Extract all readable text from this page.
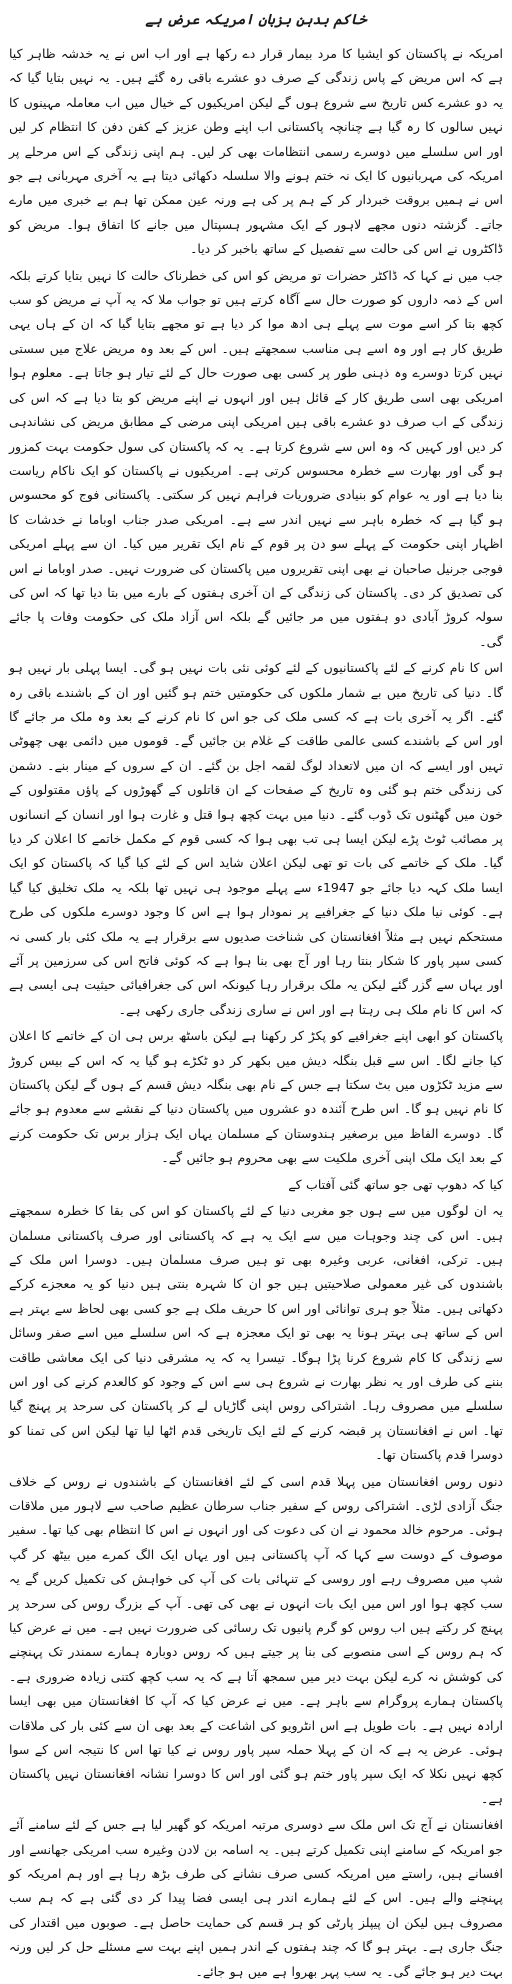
خاکم بدہن بزبان امریکہ عرض ہے

امریکہ نے پاکستان کو ایشیا کا مرد بیمار قرار دے رکھا ہے اور اب اس نے یہ خدشہ ظاہر کیا ہے کہ اس مریض کے پاس زندگی کے صرف دو عشرے باقی رہ گئے ہیں۔ یہ نہیں بتایا گیا کہ یہ دو عشرے کس تاریخ سے شروع ہوں گے لیکن امریکیوں کے خیال میں اب معاملہ مہینوں کا نہیں سالوں کا رہ گیا ہے چنانچہ پاکستانی اب اپنے وطن عزیز کے کفن دفن کا انتظام کر لیں اور اس سلسلے میں دوسرے رسمی انتظامات بھی کر لیں۔ ہم اپنی زندگی کے اس مرحلے پر امریکہ کی مہربانیوں کا ایک نہ ختم ہونے والا سلسلہ دکھائی دیتا ہے یہ آخری مہربانی ہے جو اس نے ہمیں بروقت خبردار کر کے ہم پر کی ہے ورنہ عین ممکن تھا ہم بے خبری میں مارے جاتے۔ گزشتہ دنوں مجھے لاہور کے ایک مشہور ہسپتال میں جانے کا اتفاق ہوا۔ مریض کو ڈاکٹروں نے اس کی حالت سے تفصیل کے ساتھ باخبر کر دیا۔

جب میں نے کہا کہ ڈاکٹر حضرات تو مریض کو اس کی خطرناک حالت کا نہیں بتایا کرتے بلکہ اس کے ذمہ داروں کو صورت حال سے آگاہ کرتے ہیں تو جواب ملا کہ یہ آپ نے مریض کو سب کچھ بتا کر اسے موت سے پہلے ہی ادھ موا کر دیا ہے تو مجھے بتایا گیا کہ ان کے ہاں یہی طریق کار ہے اور وہ اسے ہی مناسب سمجھتے ہیں۔ اس کے بعد وہ مریض علاج میں سستی نہیں کرتا دوسرے وہ ذہنی طور پر کسی بھی صورت حال کے لئے تیار ہو جاتا ہے۔ معلوم ہوا امریکی بھی اسی طریق کار کے قائل ہیں اور انہوں نے اپنے مریض کو بتا دیا ہے کہ اس کی زندگی کے اب صرف دو عشرے باقی ہیں امریکی اپنی مرضی کے مطابق مریض کی نشاندہی کر دیں اور کہیں کہ وہ اس سے شروع کرتا ہے۔ یہ کہ پاکستان کی سول حکومت بہت کمزور ہو گی اور بھارت سے خطرہ محسوس کرتی ہے۔ امریکیوں نے پاکستان کو ایک ناکام ریاست بنا دیا ہے اور یہ عوام کو بنیادی ضروریات فراہم نہیں کر سکتی۔ پاکستانی فوج کو محسوس ہو گیا ہے کہ خطرہ باہر سے نہیں اندر سے ہے۔ امریکی صدر جناب اوباما نے خدشات کا اظہار اپنی حکومت کے پہلے سو دن پر قوم کے نام ایک تقریر میں کیا۔ ان سے پہلے امریکی فوجی جرنیل صاحبان نے بھی اپنی تقریروں میں پاکستان کی ضرورت نہیں۔ صدر اوباما نے اس کی تصدیق کر دی۔ پاکستان کی زندگی کے ان آخری ہفتوں کے بارے میں بتا دیا تھا کہ اس کی سولہ کروڑ آبادی دو ہفتوں میں مر جائیں گے بلکہ اس آزاد ملک کی حکومت وفات پا جائے گی۔

اس کا نام کرنے کے لئے پاکستانیوں کے لئے کوئی نئی بات نہیں ہو گی۔ ایسا پہلی بار نہیں ہو گا۔ دنیا کی تاریخ میں بے شمار ملکوں کی حکومتیں ختم ہو گئیں اور ان کے باشندے باقی رہ گئے۔ اگر یہ آخری بات ہے کہ کسی ملک کی جو اس کا نام کرنے کے بعد وہ ملک مر جائے گا اور اس کے باشندے کسی عالمی طاقت کے غلام بن جائیں گے۔ قوموں میں دائمی بھی چھوٹی تہیں اور ایسے کہ ان میں لاتعداد لوگ لقمہ اجل بن گئے۔ ان کے سروں کے مینار بنے۔ دشمن کی زندگی ختم ہو گئی وہ تاریخ کے صفحات کے ان قاتلوں کے گھوڑوں کے پاؤں مقتولوں کے خون میں گھٹنوں تک ڈوب گئے۔ دنیا میں بہت کچھ ہوا قتل و غارت ہوا اور انسان کے انسانوں پر مصائب ٹوٹ پڑے لیکن ایسا ہی تب بھی ہوا کہ کسی قوم کے مکمل خاتمے کا اعلان کر دیا گیا۔ ملک کے خاتمے کی بات تو تھی لیکن اعلان شاید اس کے لئے کیا گیا کہ پاکستان کو ایک ایسا ملک کہہ دیا جائے جو 1947ء سے پہلے موجود ہی نہیں تھا بلکہ یہ ملک تخلیق کیا گیا ہے۔ کوئی نیا ملک دنیا کے جغرافیے پر نمودار ہوا ہے اس کا وجود دوسرے ملکوں کی طرح مستحکم نہیں ہے مثلاً افغانستان کی شناخت صدیوں سے برقرار ہے یہ ملک کئی بار کسی نہ کسی سپر پاور کا شکار بنتا رہا اور آج بھی بنا ہوا ہے کہ کوئی فاتح اس کی سرزمین پر آئے اور یہاں سے گزر گئے لیکن یہ ملک برقرار رہا کیونکہ اس کی جغرافیائی حیثیت ہی ایسی ہے کہ اس کا نام ملک ہی رہتا ہے اور اس نے ساری زندگی جاری رکھی ہے۔

پاکستان کو ابھی اپنے جغرافیے کو پکڑ کر رکھنا ہے لیکن باسٹھ برس ہی ان کے خاتمے کا اعلان کیا جانے لگا۔ اس سے قبل بنگلہ دیش میں بکھر کر دو ٹکڑے ہو گیا یہ کہ اس کے بیس کروڑ سے مزید ٹکڑوں میں بٹ سکتا ہے جس کے نام بھی بنگلہ دیش قسم کے ہوں گے لیکن پاکستان کا نام نہیں ہو گا۔ اس طرح آئندہ دو عشروں میں پاکستان دنیا کے نقشے سے معدوم ہو جائے گا۔ دوسرے الفاظ میں برصغیر ہندوستان کے مسلمان یہاں ایک ہزار برس تک حکومت کرنے کے بعد ایک ملک اپنی آخری ملکیت سے بھی محروم ہو جائیں گے۔

کیا کہ دھوپ تھی جو ساتھ گئی آفتاب کے

یہ ان لوگوں میں سے ہوں جو مغربی دنیا کے لئے پاکستان کو اس کی بقا کا خطرہ سمجھتے ہیں۔ اس کی چند وجوہات میں سے ایک یہ ہے کہ پاکستانی اور صرف پاکستانی مسلمان ہیں۔ ترکی، افغانی، عربی وغیرہ بھی تو ہیں صرف مسلمان ہیں۔ دوسرا اس ملک کے باشندوں کی غیر معمولی صلاحیتیں ہیں جو ان کا شہرہ بنتی ہیں دنیا کو یہ معجزے کرکے دکھاتی ہیں۔ مثلاً جو ہری توانائی اور اس کا حریف ملک ہے جو کسی بھی لحاظ سے بہتر ہے اس کے ساتھ ہی بہتر ہونا یہ بھی تو ایک معجزہ ہے کہ اس سلسلے میں اسے صفر وسائل سے زندگی کا کام شروع کرنا پڑا ہوگا۔ تیسرا یہ کہ یہ مشرقی دنیا کی ایک معاشی طاقت بننے کی طرف اور یہ نظر بھارت نے شروع ہی سے اس کے وجود کو کالعدم کرنے کی اور اس سلسلے میں مصروف رہا۔ اشتراکی روس اپنی گاڑیاں لے کر پاکستان کی سرحد پر پہنچ گیا تھا۔ اس نے افغانستان پر قبضہ کرنے کے لئے ایک تاریخی قدم اٹھا لیا تھا لیکن اس کی تمنا کو دوسرا قدم پاکستان تھا۔

دنوں روس افغانستان میں پہلا قدم اسی کے لئے افغانستان کے باشندوں نے روس کے خلاف جنگ آزادی لڑی۔ اشتراکی روس کے سفیر جناب سرطان عظیم صاحب سے لاہور میں ملاقات ہوئی۔ مرحوم خالد محمود نے ان کی دعوت کی اور انہوں نے اس کا انتظام بھی کیا تھا۔ سفیر موصوف کے دوست سے کہا کہ آپ پاکستانی ہیں اور یہاں ایک الگ کمرے میں بیٹھ کر گپ شپ میں مصروف رہے اور روسی کے تنہائی بات کی آپ کی خواہش کی تکمیل کریں گے یہ سب کچھ ہوا اور اس میں ایک بات انہوں نے بھی کی تھی۔ آپ کے بزرگ روس کی سرحد پر پہنچ کر رکتے ہیں اب روس کو گرم پانیوں تک رسائی کی ضرورت نہیں ہے۔ میں نے عرض کیا کہ ہم روس کے اسی منصوبے کی بنا پر جیتے ہیں کہ روس دوبارہ ہمارے سمندر تک پہنچنے کی کوشش نہ کرے لیکن بہت دیر میں سمجھ آتا ہے کہ یہ سب کچھ کتنی زیادہ ضروری ہے۔ پاکستان ہمارے پروگرام سے باہر ہے۔ میں نے عرض کیا کہ آپ کا افغانستان میں بھی ایسا ارادہ نہیں ہے۔ بات طویل ہے اس انٹرویو کی اشاعت کے بعد بھی ان سے کئی بار کی ملاقات ہوئی۔ عرض یہ ہے کہ ان کے پہلا حملہ سپر پاور روس نے کیا تھا اس کا نتیجہ اس کے سوا کچھ نہیں نکلا کہ ایک سپر پاور ختم ہو گئی اور اس کا دوسرا نشانہ افغانستان نہیں پاکستان ہے۔

افغانستان نے آج تک اس ملک سے دوسری مرتبہ امریکہ کو گھیر لیا ہے جس کے لئے سامنے آئے جو امریکہ کے سامنے اپنی تکمیل کرتے ہیں۔ یہ اسامہ بن لادن وغیرہ سب امریکی جھانسے اور افسانے ہیں، راستے میں امریکہ کسی صرف نشانے کی طرف بڑھ رہا ہے اور ہم امریکہ کو پہنچنے والے ہیں۔ اس کے لئے ہمارے اندر ہی ایسی فضا پیدا کر دی گئی ہے کہ ہم سب مصروف ہیں لیکن ان پیپلز پارٹی کو ہر قسم کی حمایت حاصل ہے۔ صوبوں میں اقتدار کی جنگ جاری ہے۔ بہتر ہو گا کہ چند ہفتوں کے اندر ہمیں اپنے بہت سے مسئلے حل کر لیں ورنہ بہت دیر ہو جائے گی۔ یہ سب پہر بھروا ہے میں ہو جائے۔
